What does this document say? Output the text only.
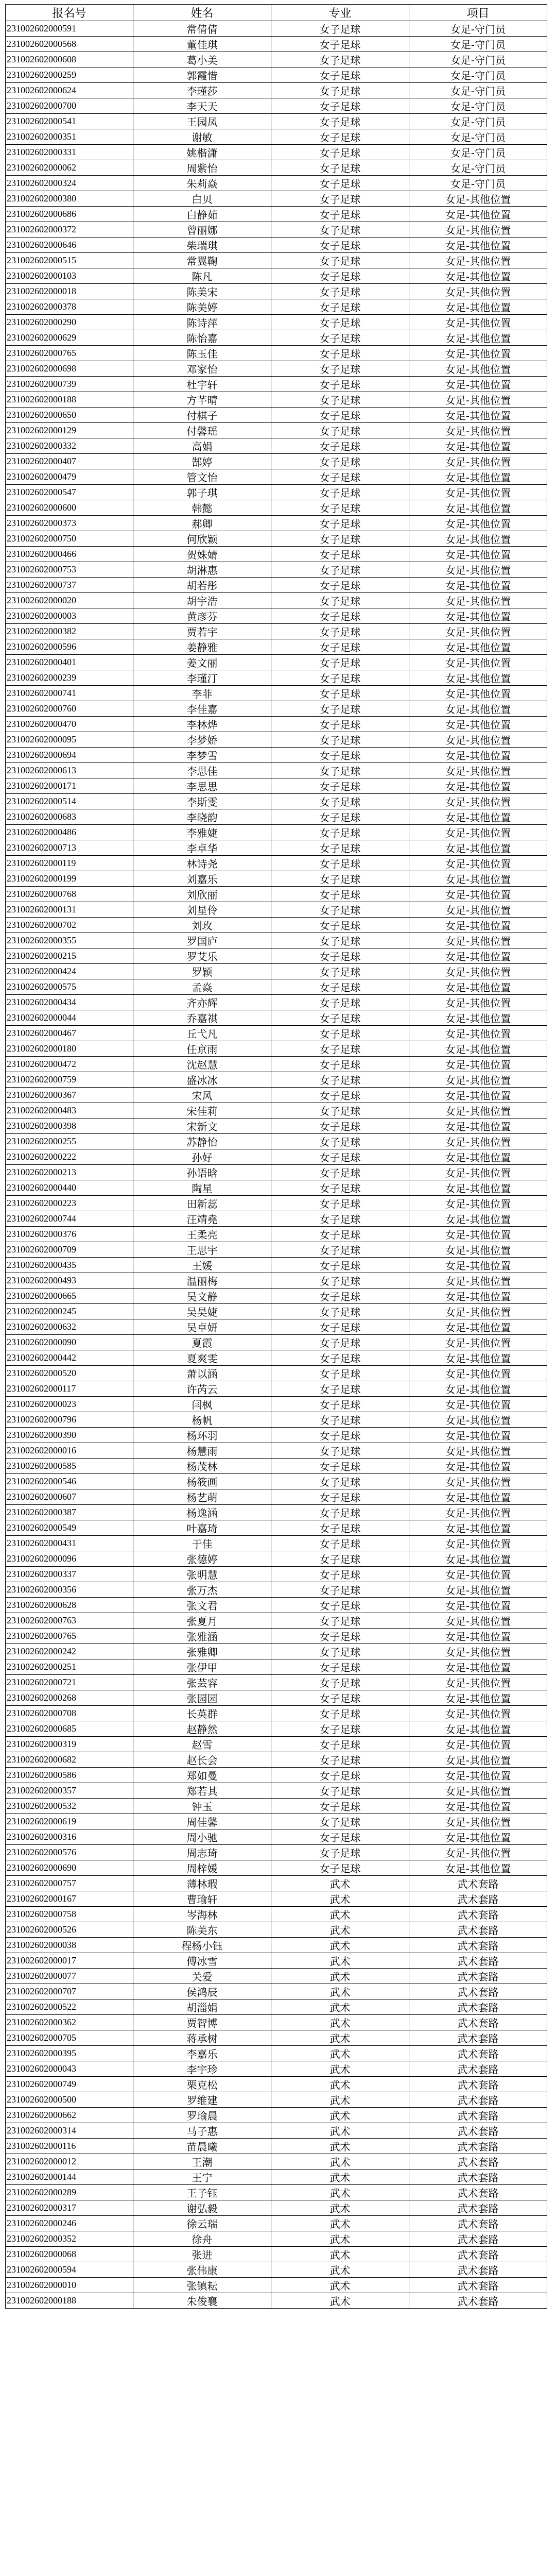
报名号	姓名	专业	项目
231002602000591	常倩倩	女子足球	女足-守门员
231002602000568	董佳琪	女子足球	女足-守门员
231002602000608	葛小美	女子足球	女足-守门员
231002602000259	郭霞惜	女子足球	女足-守门员
231002602000624	李瑾莎	女子足球	女足-守门员
231002602000700	李天天	女子足球	女足-守门员
231002602000541	王园凤	女子足球	女足-守门员
231002602000351	谢敏	女子足球	女足-守门员
231002602000331	姚楷潇	女子足球	女足-守门员
231002602000062	周紫怡	女子足球	女足-守门员
231002602000324	朱莉焱	女子足球	女足-守门员
231002602000380	白贝	女子足球	女足-其他位置
231002602000686	白静茹	女子足球	女足-其他位置
231002602000372	曾丽娜	女子足球	女足-其他位置
231002602000646	柴瑞琪	女子足球	女足-其他位置
231002602000515	常翼鞠	女子足球	女足-其他位置
231002602000103	陈凡	女子足球	女足-其他位置
231002602000018	陈美宋	女子足球	女足-其他位置
231002602000378	陈美婷	女子足球	女足-其他位置
231002602000290	陈诗萍	女子足球	女足-其他位置
231002602000629	陈怡嘉	女子足球	女足-其他位置
231002602000765	陈玉佳	女子足球	女足-其他位置
231002602000698	邓家怡	女子足球	女足-其他位置
231002602000739	杜宇轩	女子足球	女足-其他位置
231002602000188	方芊晴	女子足球	女足-其他位置
231002602000650	付棋子	女子足球	女足-其他位置
231002602000129	付馨瑶	女子足球	女足-其他位置
231002602000332	高娟	女子足球	女足-其他位置
231002602000407	郜婷	女子足球	女足-其他位置
231002602000479	管文怡	女子足球	女足-其他位置
231002602000547	郭子琪	女子足球	女足-其他位置
231002602000600	韩懿	女子足球	女足-其他位置
231002602000373	郝卿	女子足球	女足-其他位置
231002602000750	何欣颖	女子足球	女足-其他位置
231002602000466	贺姝婧	女子足球	女足-其他位置
231002602000753	胡淋惠	女子足球	女足-其他位置
231002602000737	胡若彤	女子足球	女足-其他位置
231002602000020	胡宇浩	女子足球	女足-其他位置
231002602000003	黄彦芬	女子足球	女足-其他位置
231002602000382	贾若宇	女子足球	女足-其他位置
231002602000596	姜静雅	女子足球	女足-其他位置
231002602000401	姜文丽	女子足球	女足-其他位置
231002602000239	李瑾汀	女子足球	女足-其他位置
231002602000741	李菲	女子足球	女足-其他位置
231002602000760	李佳嘉	女子足球	女足-其他位置
231002602000470	李林烨	女子足球	女足-其他位置
231002602000095	李梦娇	女子足球	女足-其他位置
231002602000694	李梦雪	女子足球	女足-其他位置
231002602000613	李思佳	女子足球	女足-其他位置
231002602000171	李思思	女子足球	女足-其他位置
231002602000514	李斯雯	女子足球	女足-其他位置
231002602000683	李晓韵	女子足球	女足-其他位置
231002602000486	李雅婕	女子足球	女足-其他位置
231002602000713	李卓华	女子足球	女足-其他位置
231002602000119	林诗尧	女子足球	女足-其他位置
231002602000199	刘嘉乐	女子足球	女足-其他位置
231002602000768	刘欣丽	女子足球	女足-其他位置
231002602000131	刘星伶	女子足球	女足-其他位置
231002602000702	刘玫	女子足球	女足-其他位置
231002602000355	罗国庐	女子足球	女足-其他位置
231002602000215	罗艾乐	女子足球	女足-其他位置
231002602000424	罗颖	女子足球	女足-其他位置
231002602000575	孟焱	女子足球	女足-其他位置
231002602000434	齐亦辉	女子足球	女足-其他位置
231002602000044	乔嘉祺	女子足球	女足-其他位置
231002602000467	丘弋凡	女子足球	女足-其他位置
231002602000180	任京雨	女子足球	女足-其他位置
231002602000472	沈赵慧	女子足球	女足-其他位置
231002602000759	盛冰冰	女子足球	女足-其他位置
231002602000367	宋风	女子足球	女足-其他位置
231002602000483	宋佳莉	女子足球	女足-其他位置
231002602000398	宋新文	女子足球	女足-其他位置
231002602000255	苏静怡	女子足球	女足-其他位置
231002602000222	孙好	女子足球	女足-其他位置
231002602000213	孙语晗	女子足球	女足-其他位置
231002602000440	陶星	女子足球	女足-其他位置
231002602000223	田新蕊	女子足球	女足-其他位置
231002602000744	汪靖堯	女子足球	女足-其他位置
231002602000376	王柔亮	女子足球	女足-其他位置
231002602000709	王思宇	女子足球	女足-其他位置
231002602000435	王媛	女子足球	女足-其他位置
231002602000493	温丽梅	女子足球	女足-其他位置
231002602000665	吴文静	女子足球	女足-其他位置
231002602000245	吴昊婕	女子足球	女足-其他位置
231002602000632	吴卓妍	女子足球	女足-其他位置
231002602000090	夏霞	女子足球	女足-其他位置
231002602000442	夏爽雯	女子足球	女足-其他位置
231002602000520	萧以涵	女子足球	女足-其他位置
231002602000117	许芮云	女子足球	女足-其他位置
231002602000023	闫枫	女子足球	女足-其他位置
231002602000796	杨帆	女子足球	女足-其他位置
231002602000390	杨环羽	女子足球	女足-其他位置
231002602000016	杨慧雨	女子足球	女足-其他位置
231002602000585	杨茂林	女子足球	女足-其他位置
231002602000546	杨筱画	女子足球	女足-其他位置
231002602000607	杨艺萌	女子足球	女足-其他位置
231002602000387	杨逸涵	女子足球	女足-其他位置
231002602000549	叶嘉琦	女子足球	女足-其他位置
231002602000431	于佳	女子足球	女足-其他位置
231002602000096	张德婷	女子足球	女足-其他位置
231002602000337	张明慧	女子足球	女足-其他位置
231002602000356	张万杰	女子足球	女足-其他位置
231002602000628	张文君	女子足球	女足-其他位置
231002602000763	张夏月	女子足球	女足-其他位置
231002602000765	张雅涵	女子足球	女足-其他位置
231002602000242	张雅卿	女子足球	女足-其他位置
231002602000251	张伊甲	女子足球	女足-其他位置
231002602000721	张芸容	女子足球	女足-其他位置
231002602000268	张园园	女子足球	女足-其他位置
231002602000708	长英群	女子足球	女足-其他位置
231002602000685	赵静然	女子足球	女足-其他位置
231002602000319	赵雪	女子足球	女足-其他位置
231002602000682	赵长会	女子足球	女足-其他位置
231002602000586	郑如曼	女子足球	女足-其他位置
231002602000357	郑若其	女子足球	女足-其他位置
231002602000532	钟玉	女子足球	女足-其他位置
231002602000619	周佳馨	女子足球	女足-其他位置
231002602000316	周小驰	女子足球	女足-其他位置
231002602000576	周志琦	女子足球	女足-其他位置
231002602000690	周梓媛	女子足球	女足-其他位置
231002602000757	薄林瑕	武术	武术套路
231002602000167	曹瑜轩	武术	武术套路
231002602000758	岑海林	武术	武术套路
231002602000526	陈美东	武术	武术套路
231002602000038	程杨小钰	武术	武术套路
231002602000017	傅冰雪	武术	武术套路
231002602000077	关爱	武术	武术套路
231002602000707	侯鸿辰	武术	武术套路
231002602000522	胡淄娟	武术	武术套路
231002602000362	贾智博	武术	武术套路
231002602000705	蒋承树	武术	武术套路
231002602000395	李嘉乐	武术	武术套路
231002602000043	李宇珍	武术	武术套路
231002602000749	栗克松	武术	武术套路
231002602000500	罗维建	武术	武术套路
231002602000662	罗瑜晨	武术	武术套路
231002602000314	马子惠	武术	武术套路
231002602000116	苗晨曦	武术	武术套路
231002602000012	王潮	武术	武术套路
231002602000144	王宁	武术	武术套路
231002602000289	王子钰	武术	武术套路
231002602000317	谢弘毅	武术	武术套路
231002602000246	徐云瑞	武术	武术套路
231002602000352	徐舟	武术	武术套路
231002602000068	张进	武术	武术套路
231002602000594	张伟康	武术	武术套路
231002602000010	张镇耘	武术	武术套路
231002602000188	朱俊襄	武术	武术套路
